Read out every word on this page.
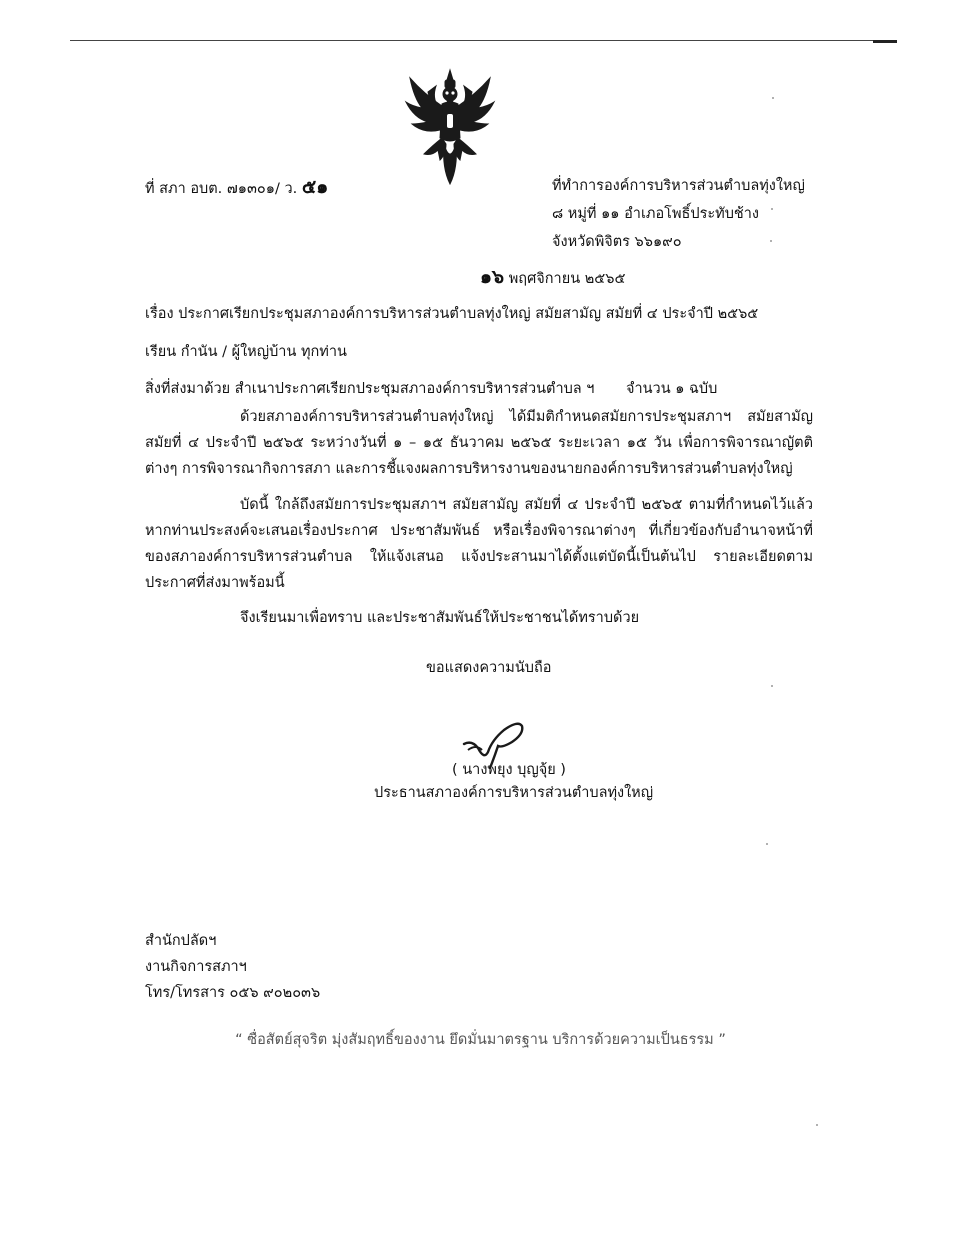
ที่ สภา อบต. ๗๑๓๐๑/ ว. ๕๑	ที่ทำการองค์การบริหารส่วนตำบลทุ่งใหญ่
๘ หมู่ที่ ๑๑ อำเภอโพธิ์ประทับช้าง
จังหวัดพิจิตร ๖๖๑๙๐
๑๖ พฤศจิกายน ๒๕๖๕
เรื่อง ประกาศเรียกประชุมสภาองค์การบริหารส่วนตำบลทุ่งใหญ่ สมัยสามัญ สมัยที่ ๔ ประจำปี ๒๕๖๕
เรียน กำนัน / ผู้ใหญ่บ้าน ทุกท่าน
สิ่งที่ส่งมาด้วย สำเนาประกาศเรียกประชุมสภาองค์การบริหารส่วนตำบล ฯ จำนวน ๑ ฉบับ

ด้วยสภาองค์การบริหารส่วนตำบลทุ่งใหญ่ ได้มีมติกำหนดสมัยการประชุมสภาฯ สมัยสามัญ สมัยที่ ๔ ประจำปี ๒๕๖๕ ระหว่างวันที่ ๑ – ๑๕ ธันวาคม ๒๕๖๕ ระยะเวลา ๑๕ วัน เพื่อการพิจารณาญัตติต่างๆ การพิจารณากิจการสภา และการชี้แจงผลการบริหารงานของนายกองค์การบริหารส่วนตำบลทุ่งใหญ่

บัดนี้ ใกล้ถึงสมัยการประชุมสภาฯ สมัยสามัญ สมัยที่ ๔ ประจำปี ๒๕๖๕ ตามที่กำหนดไว้แล้ว หากท่านประสงค์จะเสนอเรื่องประกาศ ประชาสัมพันธ์ หรือเรื่องพิจารณาต่างๆ ที่เกี่ยวข้องกับอำนาจหน้าที่ของสภาองค์การบริหารส่วนตำบล ให้แจ้งเสนอ แจ้งประสานมาได้ตั้งแต่บัดนี้เป็นต้นไป รายละเอียดตามประกาศที่ส่งมาพร้อมนี้

จึงเรียนมาเพื่อทราบ และประชาสัมพันธ์ให้ประชาชนได้ทราบด้วย
ขอแสดงความนับถือ
( นางพยุง บุญจุ้ย )
ประธานสภาองค์การบริหารส่วนตำบลทุ่งใหญ่
สำนักปลัดฯ
งานกิจการสภาฯ
โทร/โทรสาร ๐๕๖ ๙๐๒๐๓๖
“ ซื่อสัตย์สุจริต มุ่งสัมฤทธิ์ของงาน ยึดมั่นมาตรฐาน บริการด้วยความเป็นธรรม ”
